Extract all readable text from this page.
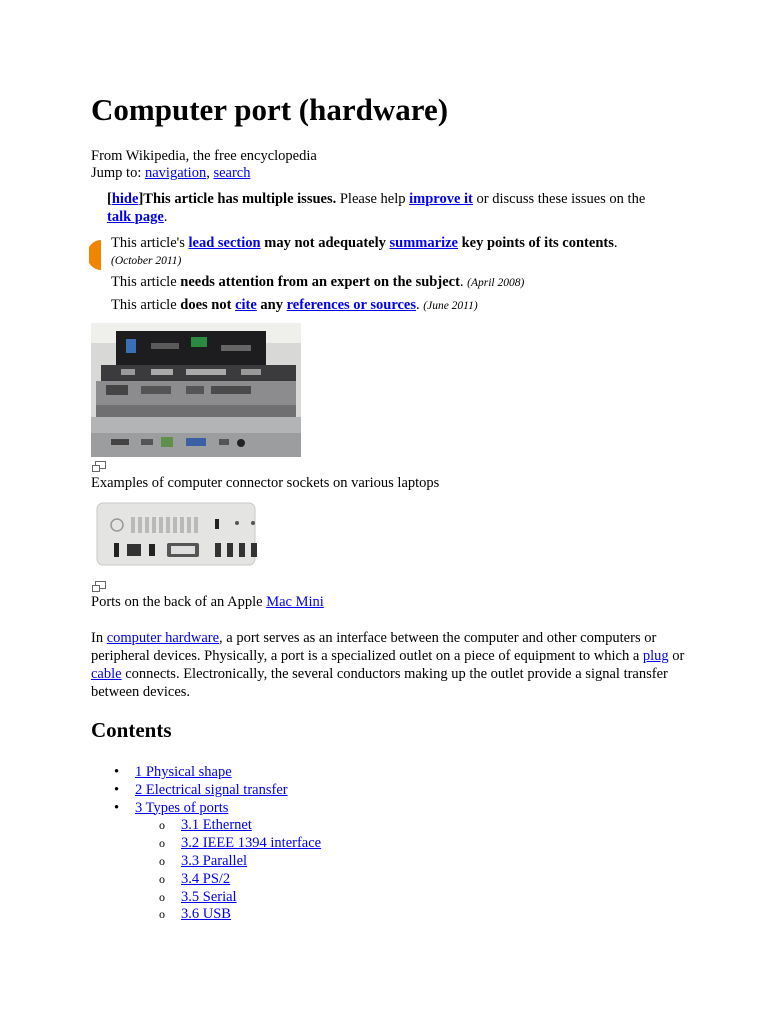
Computer port (hardware)
From Wikipedia, the free encyclopedia
Jump to: navigation, search
[hide]This article has multiple issues. Please help improve it or discuss these issues on the
talk page.
This article's lead section may not adequately summarize key points of its contents.
(October 2011)
This article needs attention from an expert on the subject. (April 2008)
This article does not cite any references or sources. (June 2011)
Examples of computer connector sockets on various laptops
Ports on the back of an Apple Mac Mini
In computer hardware, a port serves as an interface between the computer and other computers or peripheral devices. Physically, a port is a specialized outlet on a piece of equipment to which a plug or cable connects. Electronically, the several conductors making up the outlet provide a signal transfer between devices.
Contents
• 1 Physical shape
• 2 Electrical signal transfer
• 3 Types of ports
o 3.1 Ethernet
o 3.2 IEEE 1394 interface
o 3.3 Parallel
o 3.4 PS/2
o 3.5 Serial
o 3.6 USB
